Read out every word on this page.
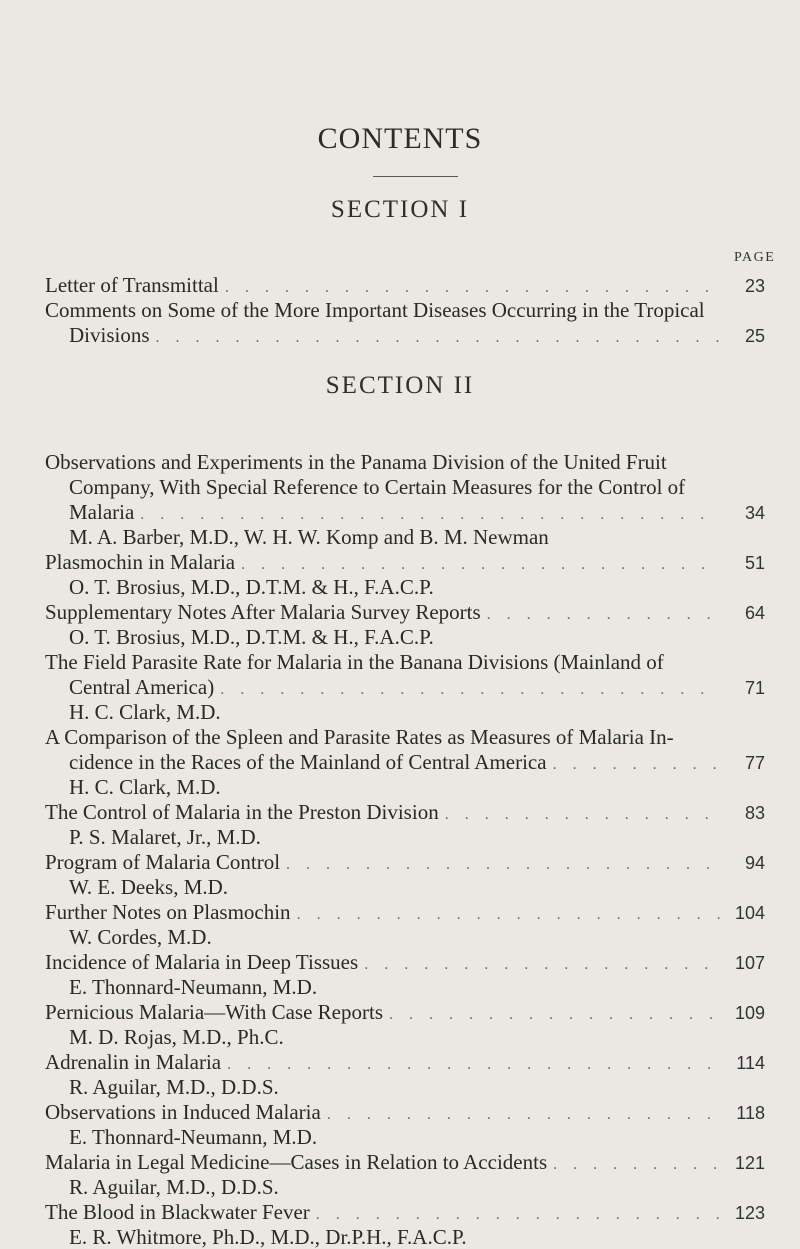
CONTENTS
PAGE
SECTION I
Letter of Transmittal . . .	23
Comments on Some of the More Important Diseases Occurring in the Tropical
Divisions . . .	25
SECTION II
Observations and Experiments in the Panama Division of the United Fruit
Company, With Special Reference to Certain Measures for the Control of
Malaria . . .	34
M. A. Barber, M.D., W. H. W. Komp and B. M. Newman
Plasmochin in Malaria . . .	51
O. T. Brosius, M.D., D.T.M. & H., F.A.C.P.
Supplementary Notes After Malaria Survey Reports . . .	64
O. T. Brosius, M.D., D.T.M. & H., F.A.C.P.
The Field Parasite Rate for Malaria in the Banana Divisions (Mainland of
Central America) . . .	71
H. C. Clark, M.D.
A Comparison of the Spleen and Parasite Rates as Measures of Malaria In-
cidence in the Races of the Mainland of Central America . . .	77
H. C. Clark, M.D.
The Control of Malaria in the Preston Division . . .	83
P. S. Malaret, Jr., M.D.
Program of Malaria Control . . .	94
W. E. Deeks, M.D.
Further Notes on Plasmochin . . .	104
W. Cordes, M.D.
Incidence of Malaria in Deep Tissues . . .	107
E. Thonnard-Neumann, M.D.
Pernicious Malaria—With Case Reports . . .	109
M. D. Rojas, M.D., Ph.C.
Adrenalin in Malaria . . .	114
R. Aguilar, M.D., D.D.S.
Observations in Induced Malaria . . .	118
E. Thonnard-Neumann, M.D.
Malaria in Legal Medicine—Cases in Relation to Accidents . . .	121
R. Aguilar, M.D., D.D.S.
The Blood in Blackwater Fever . . .	123
E. R. Whitmore, Ph.D., M.D., Dr.P.H., F.A.C.P.
